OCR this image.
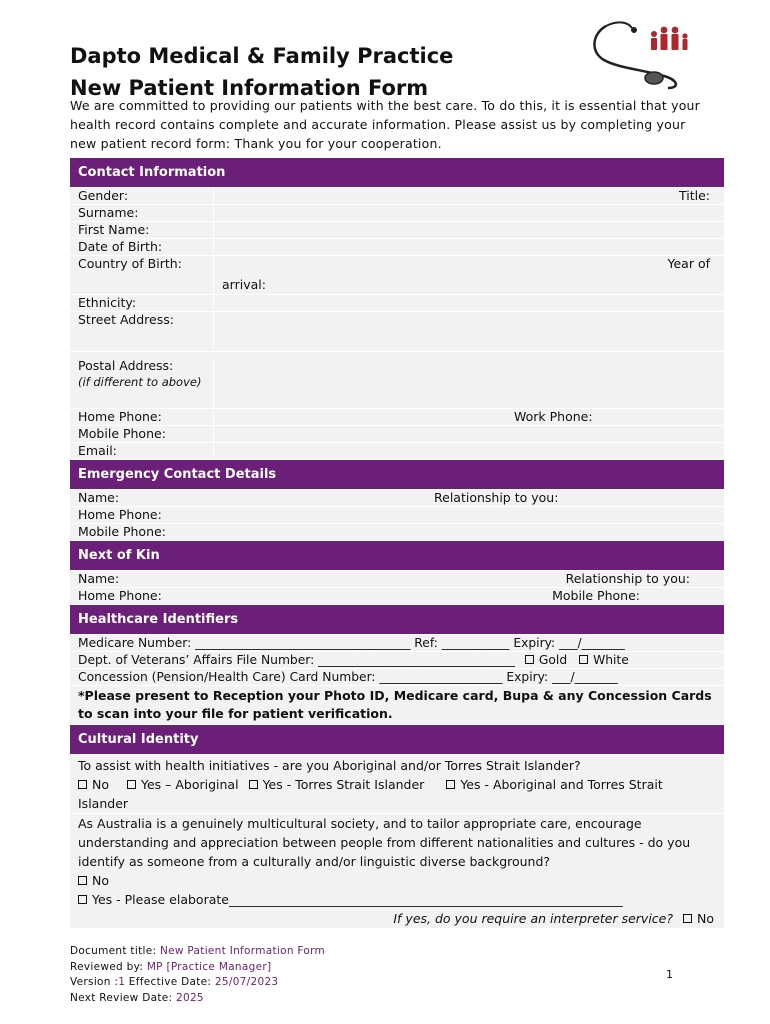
Dapto Medical & Family Practice
New Patient Information Form
We are committed to providing our patients with the best care. To do this, it is essential that your health record contains complete and accurate information. Please assist us by completing your new patient record form: Thank you for your cooperation.
Contact Information
Gender:	Title:
Surname:
First Name:
Date of Birth:
Country of Birth:	Year of
arrival:
Ethnicity:
Street Address:
Postal Address:
(if different to above)
Home Phone:	Work Phone:
Mobile Phone:
Email:
Emergency Contact Details
Name:	Relationship to you:
Home Phone:
Mobile Phone:
Next of Kin
Name:	Relationship to you:
Home Phone:	Mobile Phone:
Healthcare Identifiers
Medicare Number: ___________________________________ Ref: ___________ Expiry: ___/_______
Dept. of Veterans’ Affairs File Number: ________________________________ Gold White
Concession (Pension/Health Care) Card Number: ____________________ Expiry: ___/_______
*Please present to Reception your Photo ID, Medicare card, Bupa & any Concession Cards to scan into your file for patient verification.
Cultural Identity
To assist with health initiatives - are you Aboriginal and/or Torres Strait Islander?
No	Yes – Aboriginal Yes - Torres Strait Islander	Yes - Aboriginal and Torres Strait Islander
As Australia is a genuinely multicultural society, and to tailor appropriate care, encourage understanding and appreciation between people from different nationalities and cultures - do you identify as someone from a culturally and/or linguistic diverse background?
No
Yes - Please elaborate_______________________________________________________________
If yes, do you require an interpreter service? No
Document title: New Patient Information Form
Reviewed by: MP [Practice Manager]
Version :1 Effective Date: 25/07/2023
Next Review Date: 2025
1
